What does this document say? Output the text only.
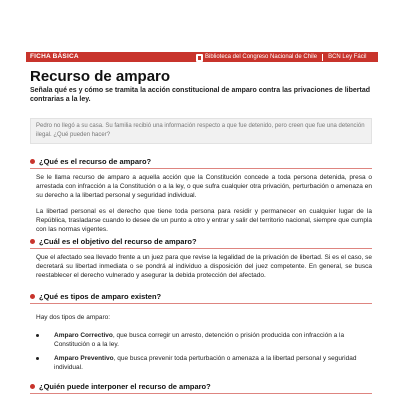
FICHA BÁSICA	Biblioteca del Congreso Nacional de Chile BCN Ley Fácil
Recurso de amparo

Señala qué es y cómo se tramita la acción constitucional de amparo contra las privaciones de libertad contrarias a la ley.

Pedro no llegó a su casa. Su familia recibió una información respecto a que fue detenido, pero creen que fue una detención ilegal. ¿Qué pueden hacer?
¿Qué es el recurso de amparo?

Se le llama recurso de amparo a aquella acción que la Constitución concede a toda persona detenida, presa o arrestada con infracción a la Constitución o a la ley, o que sufra cualquier otra privación, perturbación o amenaza en su derecho a la libertad personal y seguridad individual.

La libertad personal es el derecho que tiene toda persona para residir y permanecer en cualquier lugar de la República, trasladarse cuando lo desee de un punto a otro y entrar y salir del territorio nacional, siempre que cumpla con las normas vigentes.

¿Cuál es el objetivo del recurso de amparo?

Que el afectado sea llevado frente a un juez para que revise la legalidad de la privación de libertad. Si es el caso, se decretará su libertad inmediata o se pondrá al individuo a disposición del juez competente. En general, se busca reestablecer el derecho vulnerado y asegurar la debida protección del afectado.

¿Qué es tipos de amparo existen?

Hay dos tipos de amparo:

Amparo Correctivo, que busca corregir un arresto, detención o prisión producida con infracción a la Constitución o a la ley.
Amparo Preventivo, que busca prevenir toda perturbación o amenaza a la libertad personal y seguridad individual.
¿Quién puede interponer el recurso de amparo?
